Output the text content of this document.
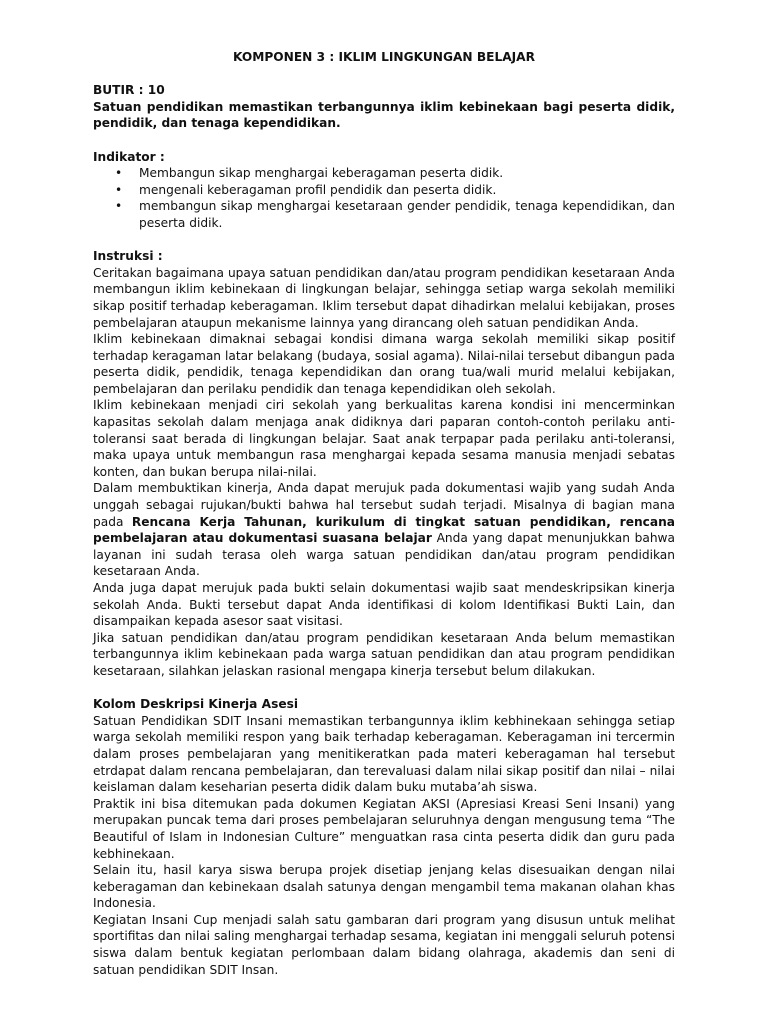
KOMPONEN 3 : IKLIM LINGKUNGAN BELAJAR

BUTIR : 10

Satuan pendidikan memastikan terbangunnya iklim kebinekaan bagi peserta didik, pendidik, dan tenaga kependidikan.

Indikator :

• Membangun sikap menghargai keberagaman peserta didik.
• mengenali keberagaman profil pendidik dan peserta didik.
• membangun sikap menghargai kesetaraan gender pendidik, tenaga kependidikan, dan peserta didik.

Instruksi :

Ceritakan bagaimana upaya satuan pendidikan dan/atau program pendidikan kesetaraan Anda membangun iklim kebinekaan di lingkungan belajar, sehingga setiap warga sekolah memiliki sikap positif terhadap keberagaman. Iklim tersebut dapat dihadirkan melalui kebijakan, proses pembelajaran ataupun mekanisme lainnya yang dirancang oleh satuan pendidikan Anda.

Iklim kebinekaan dimaknai sebagai kondisi dimana warga sekolah memiliki sikap positif terhadap keragaman latar belakang (budaya, sosial agama). Nilai-nilai tersebut dibangun pada peserta didik, pendidik, tenaga kependidikan dan orang tua/wali murid melalui kebijakan, pembelajaran dan perilaku pendidik dan tenaga kependidikan oleh sekolah.

Iklim kebinekaan menjadi ciri sekolah yang berkualitas karena kondisi ini mencerminkan kapasitas sekolah dalam menjaga anak didiknya dari paparan contoh-contoh perilaku anti-toleransi saat berada di lingkungan belajar. Saat anak terpapar pada perilaku anti-toleransi, maka upaya untuk membangun rasa menghargai kepada sesama manusia menjadi sebatas konten, dan bukan berupa nilai-nilai.

Dalam membuktikan kinerja, Anda dapat merujuk pada dokumentasi wajib yang sudah Anda unggah sebagai rujukan/bukti bahwa hal tersebut sudah terjadi. Misalnya di bagian mana pada Rencana Kerja Tahunan, kurikulum di tingkat satuan pendidikan, rencana pembelajaran atau dokumentasi suasana belajar Anda yang dapat menunjukkan bahwa layanan ini sudah terasa oleh warga satuan pendidikan dan/atau program pendidikan kesetaraan Anda.

Anda juga dapat merujuk pada bukti selain dokumentasi wajib saat mendeskripsikan kinerja sekolah Anda. Bukti tersebut dapat Anda identifikasi di kolom Identifikasi Bukti Lain, dan disampaikan kepada asesor saat visitasi.

Jika satuan pendidikan dan/atau program pendidikan kesetaraan Anda belum memastikan terbangunnya iklim kebinekaan pada warga satuan pendidikan dan atau program pendidikan kesetaraan, silahkan jelaskan rasional mengapa kinerja tersebut belum dilakukan.

Kolom Deskripsi Kinerja Asesi

Satuan Pendidikan SDIT Insani memastikan terbangunnya iklim kebhinekaan sehingga setiap warga sekolah memiliki respon yang baik terhadap keberagaman. Keberagaman ini tercermin dalam proses pembelajaran yang menitikeratkan pada materi keberagaman hal tersebut etrdapat dalam rencana pembelajaran, dan terevaluasi dalam nilai sikap positif dan nilai – nilai keislaman dalam keseharian peserta didik dalam buku mutaba’ah siswa.

Praktik ini bisa ditemukan pada dokumen Kegiatan AKSI (Apresiasi Kreasi Seni Insani) yang merupakan puncak tema dari proses pembelajaran seluruhnya dengan mengusung tema “The Beautiful of Islam in Indonesian Culture” menguatkan rasa cinta peserta didik dan guru pada kebhinekaan.

Selain itu, hasil karya siswa berupa projek disetiap jenjang kelas disesuaikan dengan nilai keberagaman dan kebinekaan dsalah satunya dengan mengambil tema makanan olahan khas Indonesia.

Kegiatan Insani Cup menjadi salah satu gambaran dari program yang disusun untuk melihat sportifitas dan nilai saling menghargai terhadap sesama, kegiatan ini menggali seluruh potensi siswa dalam bentuk kegiatan perlombaan dalam bidang olahraga, akademis dan seni di satuan pendidikan SDIT Insan.
